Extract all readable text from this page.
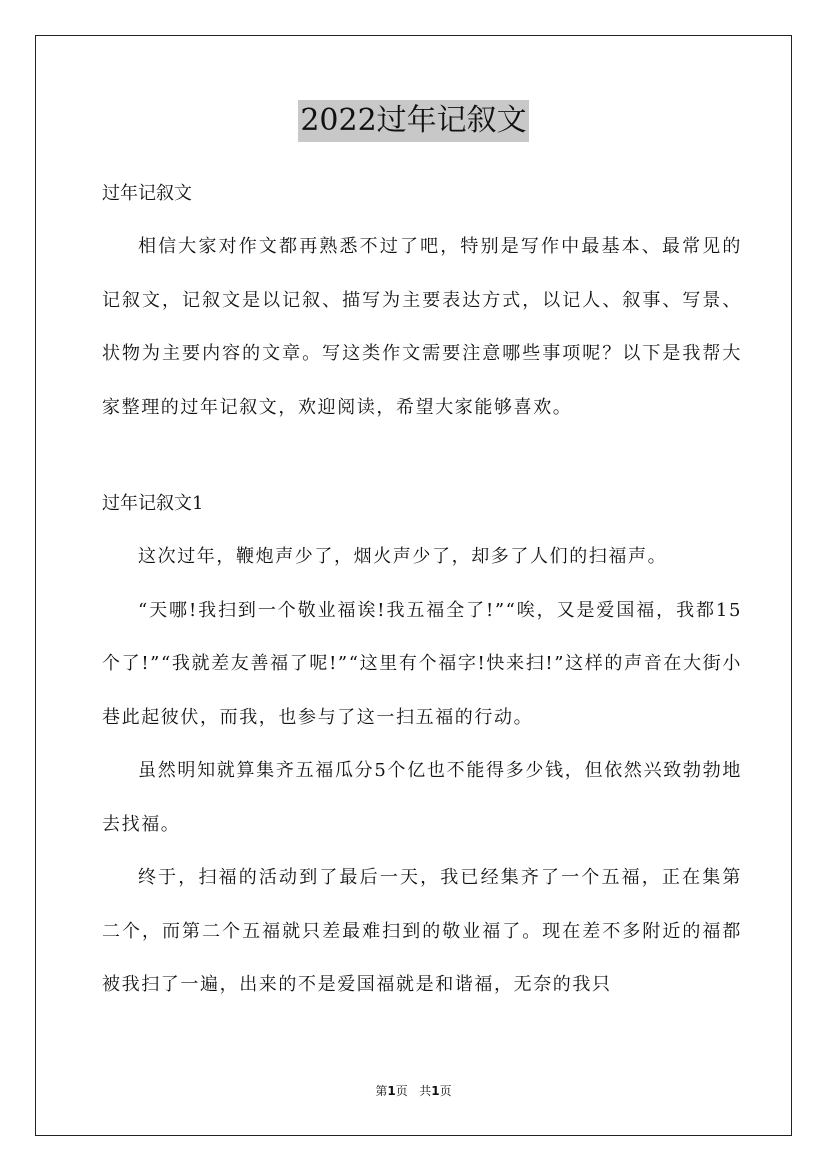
2022过年记叙文

过年记叙文

相信大家对作文都再熟悉不过了吧，特别是写作中最基本、最常见的记叙文，记叙文是以记叙、描写为主要表达方式，以记人、叙事、写景、状物为主要内容的文章。写这类作文需要注意哪些事项呢？以下是我帮大家整理的过年记叙文，欢迎阅读，希望大家能够喜欢。

过年记叙文1

这次过年，鞭炮声少了，烟火声少了，却多了人们的扫福声。

“天哪!我扫到一个敬业福诶!我五福全了!”“唉，又是爱国福，我都15个了!”“我就差友善福了呢!”“这里有个福字!快来扫!”这样的声音在大街小巷此起彼伏，而我，也参与了这一扫五福的行动。

虽然明知就算集齐五福瓜分5个亿也不能得多少钱，但依然兴致勃勃地去找福。

终于，扫福的活动到了最后一天，我已经集齐了一个五福，正在集第二个，而第二个五福就只差最难扫到的敬业福了。现在差不多附近的福都被我扫了一遍，出来的不是爱国福就是和谐福，无奈的我只

第1页 共1页
